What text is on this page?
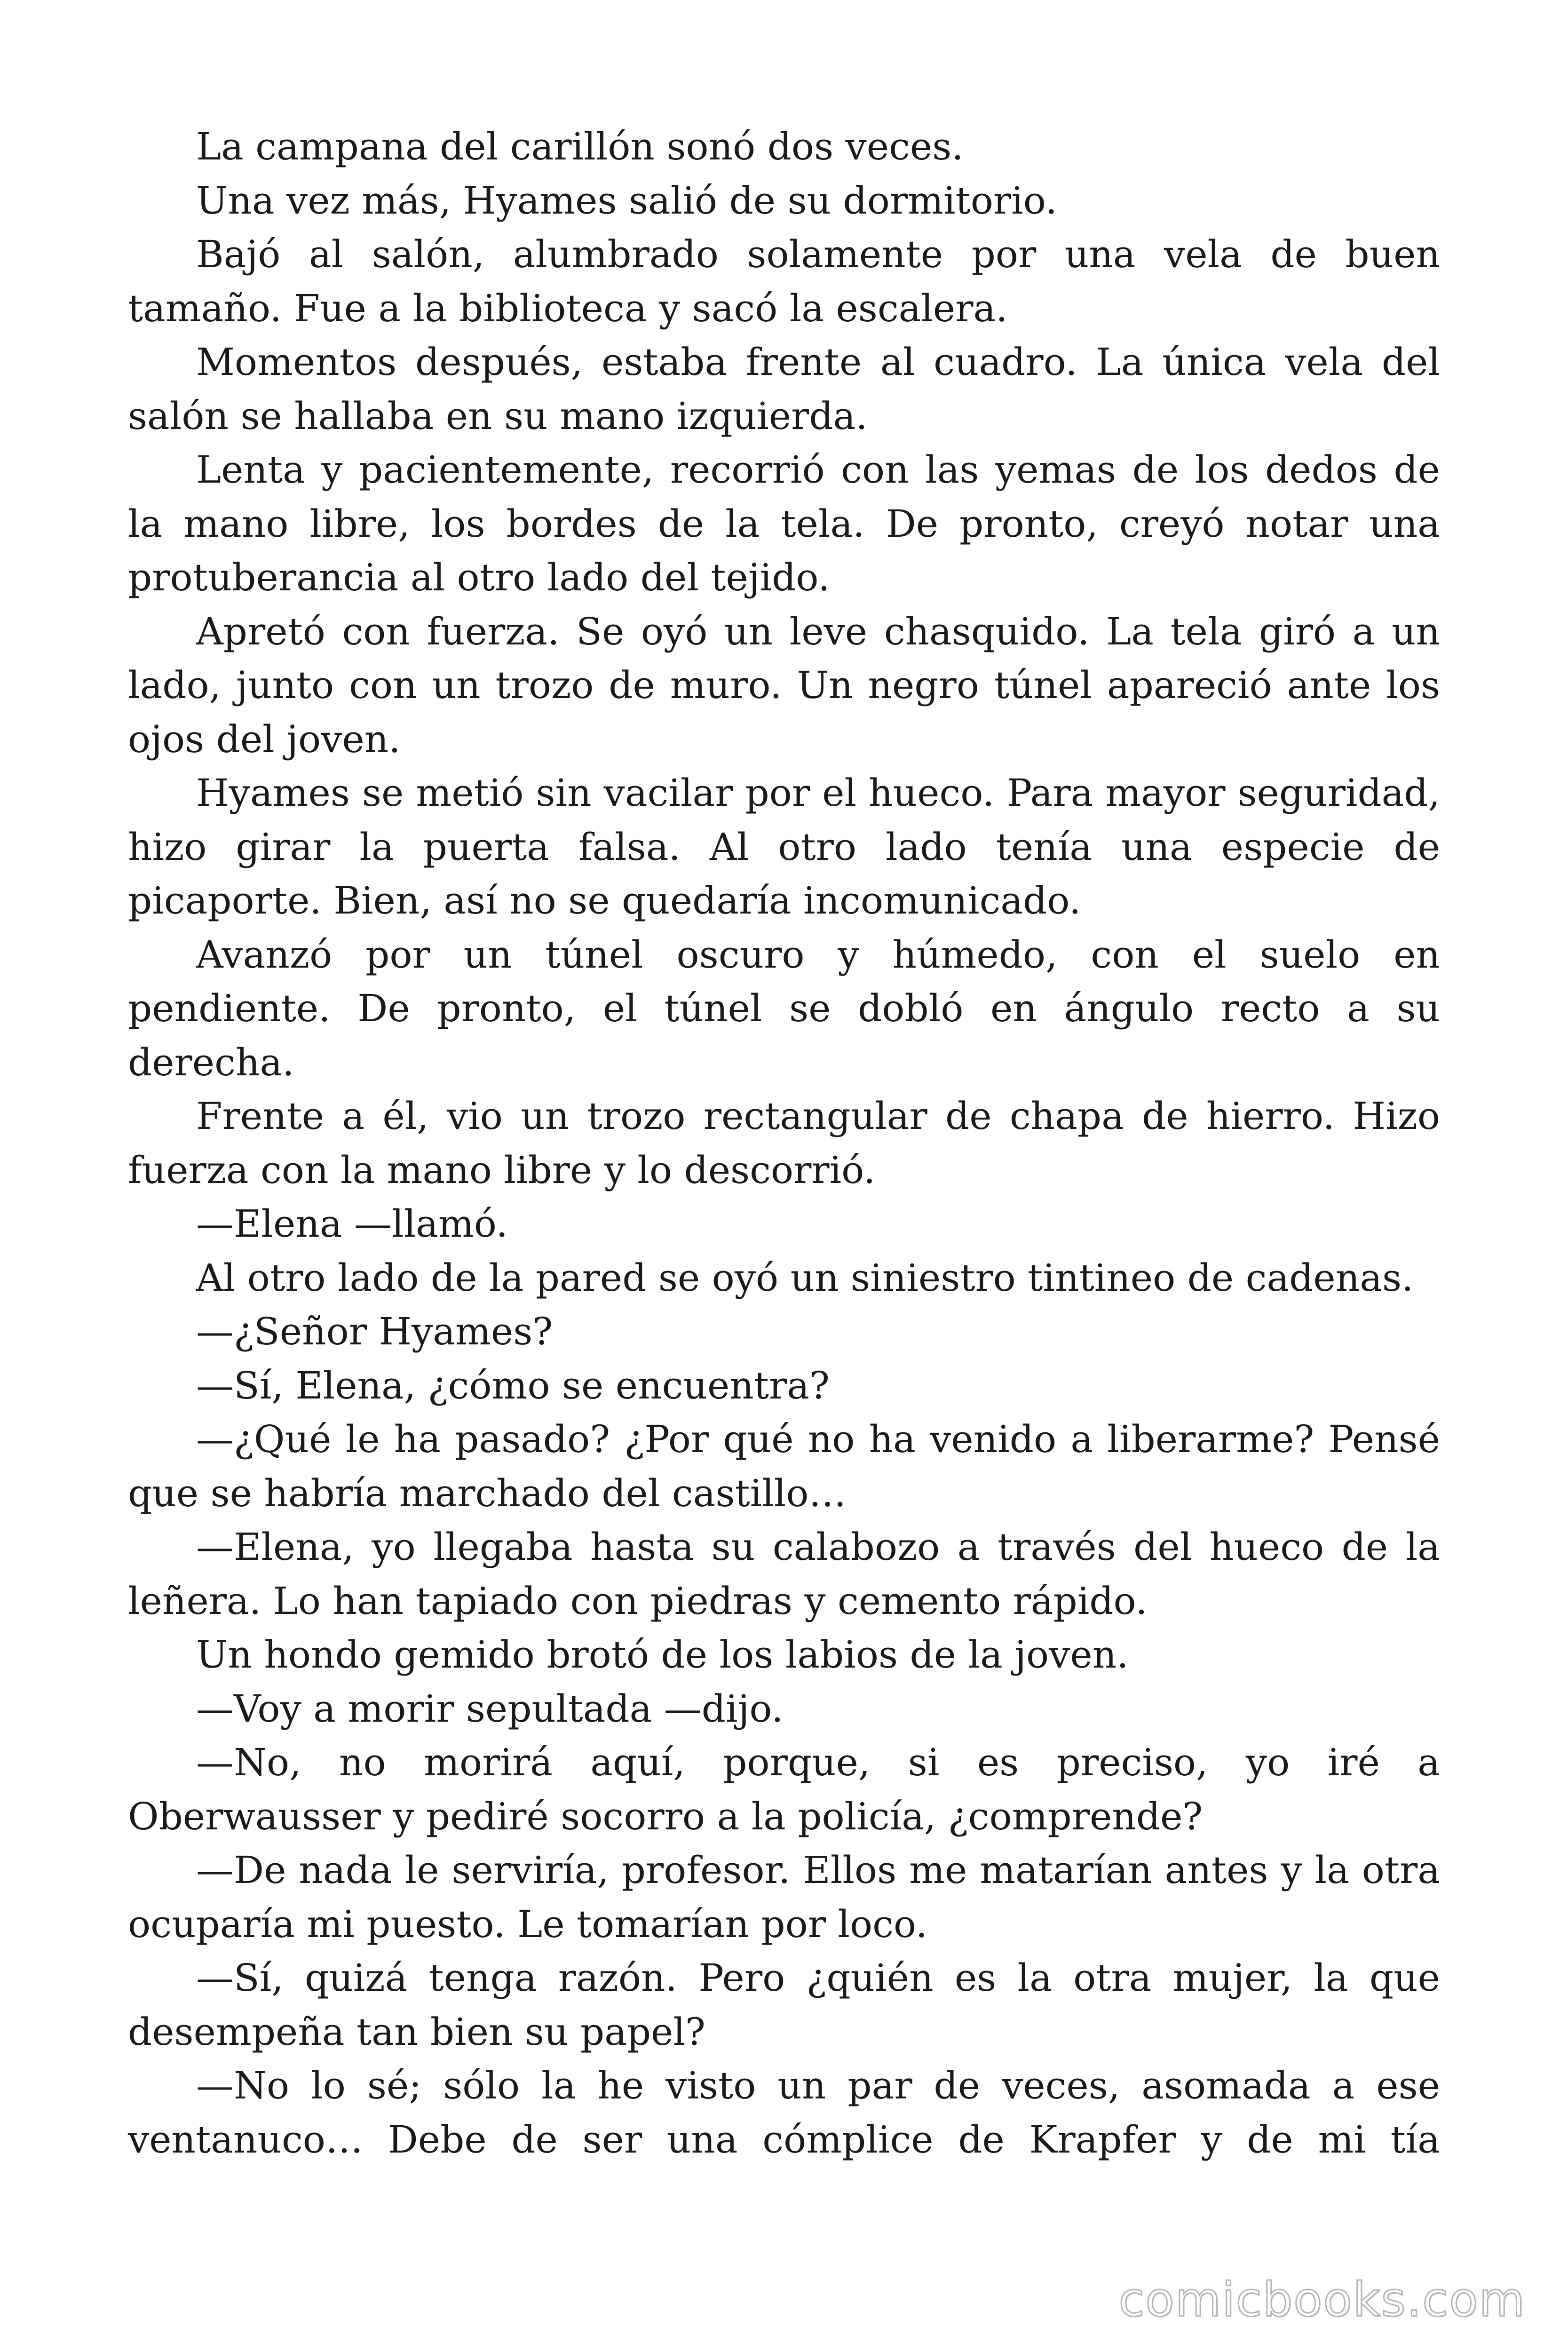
La campana del carillón sonó dos veces.

Una vez más, Hyames salió de su dormitorio.

Bajó al salón, alumbrado solamente por una vela de buen tamaño. Fue a la biblioteca y sacó la escalera.

Momentos después, estaba frente al cuadro. La única vela del salón se hallaba en su mano izquierda.

Lenta y pacientemente, recorrió con las yemas de los dedos de la mano libre, los bordes de la tela. De pronto, creyó notar una protuberancia al otro lado del tejido.

Apretó con fuerza. Se oyó un leve chasquido. La tela giró a un lado, junto con un trozo de muro. Un negro túnel apareció ante los ojos del joven.

Hyames se metió sin vacilar por el hueco. Para mayor seguridad, hizo girar la puerta falsa. Al otro lado tenía una especie de picaporte. Bien, así no se quedaría incomunicado.

Avanzó por un túnel oscuro y húmedo, con el suelo en pendiente. De pronto, el túnel se dobló en ángulo recto a su derecha.

Frente a él, vio un trozo rectangular de chapa de hierro. Hizo fuerza con la mano libre y lo descorrió.

—Elena —llamó.

Al otro lado de la pared se oyó un siniestro tintineo de cadenas.

—¿Señor Hyames?

—Sí, Elena, ¿cómo se encuentra?

—¿Qué le ha pasado? ¿Por qué no ha venido a liberarme? Pensé que se habría marchado del castillo…

—Elena, yo llegaba hasta su calabozo a través del hueco de la leñera. Lo han tapiado con piedras y cemento rápido.

Un hondo gemido brotó de los labios de la joven.

—Voy a morir sepultada —dijo.

—No, no morirá aquí, porque, si es preciso, yo iré a Oberwausser y pediré socorro a la policía, ¿comprende?

—De nada le serviría, profesor. Ellos me matarían antes y la otra ocuparía mi puesto. Le tomarían por loco.

—Sí, quizá tenga razón. Pero ¿quién es la otra mujer, la que desempeña tan bien su papel?

—No lo sé; sólo la he visto un par de veces, asomada a ese ventanuco… Debe de ser una cómplice de Krapfer y de mi tía

comicbooks.com
